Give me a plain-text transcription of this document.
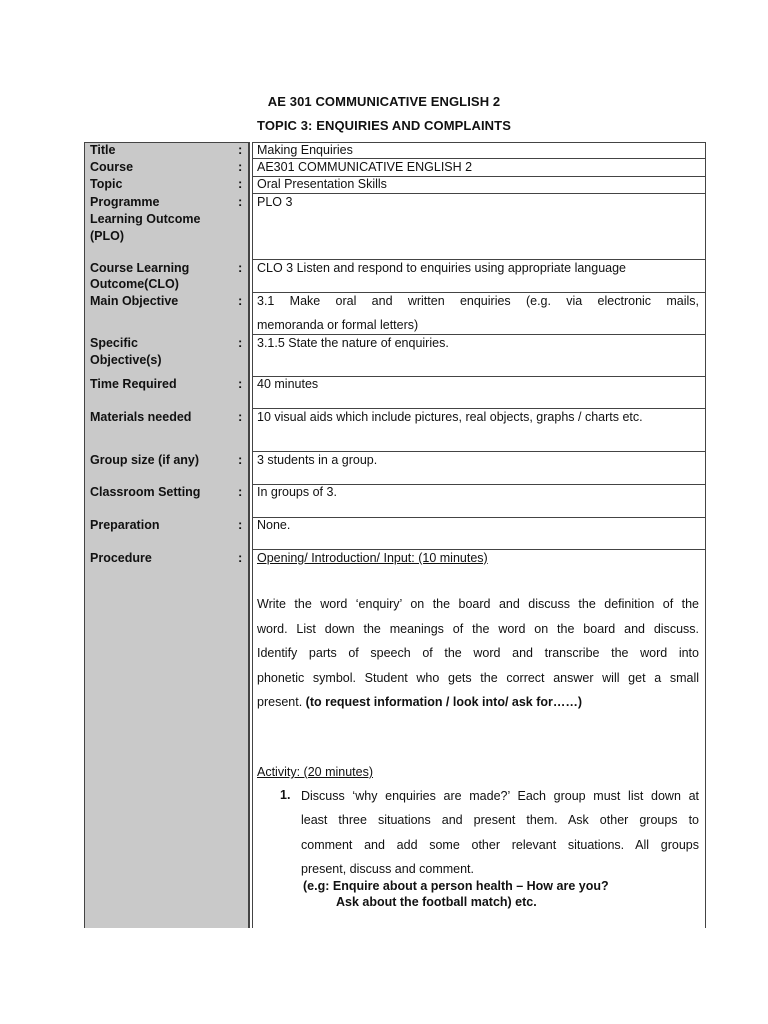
AE 301 COMMUNICATIVE ENGLISH 2
TOPIC 3: ENQUIRIES AND COMPLAINTS
Title	: Making Enquiries
Course	: AE301 COMMUNICATIVE ENGLISH 2
Topic	: Oral Presentation Skills
Programme
Learning Outcome
(PLO)
: PLO 3
Course Learning
Outcome(CLO)
: CLO 3 Listen and respond to enquiries using appropriate language
Main Objective	: 3.1 Make oral and written enquiries (e.g. via electronic mails,
memoranda or formal letters)
Specific
Objective(s)
: 3.1.5 State the nature of enquiries.
Time Required	: 40 minutes
Materials needed	: 10 visual aids which include pictures, real objects, graphs / charts etc.
Group size (if any)	: 3 students in a group.
Classroom Setting	: In groups of 3.
Preparation	: None.
Procedure	: Opening/ Introduction/ Input: (10 minutes)
Write the word ‘enquiry’ on the board and discuss the definition of the
word. List down the meanings of the word on the board and discuss.
Identify parts of speech of the word and transcribe the word into
phonetic symbol. Student who gets the correct answer will get a small
present. (to request information / look into/ ask for……)
Activity: (20 minutes)
1. Discuss ‘why enquiries are made?’ Each group must list down at
least three situations and present them. Ask other groups to
comment and add some other relevant situations. All groups
present, discuss and comment.
(e.g: Enquire about a person health – How are you?
Ask about the football match) etc.
